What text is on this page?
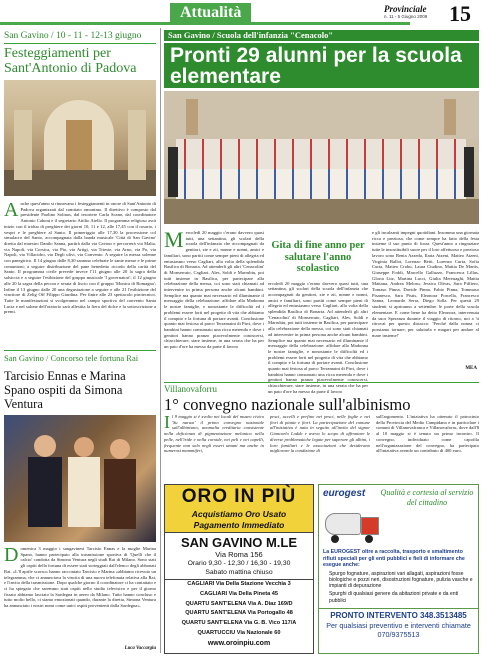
Attualità	Provinciale
n. 11 - 5 Giugno 2009 15
San Gavino / 10 - 11 - 12-13 giugno
Festeggiamenti per Sant'Antonio di Padova
A nche quest'anno si rinnovano i festeggiamenti in onore di Sant'Antonio di Padova organizzati dal comitato omonimo. Il direttivo è composto dal presidente Paolino Solinas, dal tesoriere Carla Scano, dal coordinatore Antonio Caboni e il segretario Attilio Aiello. Il programma religioso avrà inizio con il triduo di preghiere dei giorni 10, 11 e 12, alle 17,45 con il rosario, i vespri e le preghiere al Santo. Il pomeriggio alle 17,30 la processione col simulacro del Santo, accompagnata dalla banda musicale 'Città di San Gavino' diretta dal maestro Danilo Sanna, partirà dalla via Cavour e percorrerà via Malta, via Napoli, via Corsica, via Pio, via Artigi, via Trieste, via Arno, via Po, via Napoli, via Villacidro, via Degli ulivi, via Convento. A seguire la messa solenne con panegirico. Il 14 giugno dalle 8,30 saranno celebrate le sante messe e le prime comunioni; a seguire distribuzione del pane benedetto ricordo della carità del Santo. Il programma civile prevede invece l'11 giugno alle 20 la sagra della salsiccia e a seguire l'esibizione del gruppo musicale 'I governatori'; il 12 giugno alle 20 la sagra della pecora e serata di liscio con il gruppo 'Monica di Romagna'; Infine il 13 giugno dalle 20 una degustazione a seguire e alle 21 l'esibizione del vincitore di Zelig Off Filippo Giardina. Per finire alle 23 spettacolo pirotecnico. Tutte le manifestazioni si svolgeranno nel campo sportivo del convento Santa Lucia e nel salone dell'oratorio sarà allestita la fiera del dolce e la sottoscrizione a premi.
San Gavino / Concorso tele fortuna Rai
Tarcisio Ennas e Marina Spano ospiti da Simona Ventura
D omenica 3 maggio i sangavinesi Tarcisio Ennas e la moglie Marina Spano, hanno partecipato alla trasmissione sportiva di 'Quelli che il calcio' condotta da Simona Ventura negli studi Rai di Milano. Sono stati gli ospiti della fortuna di essere stati sorteggiati dall'elenco degli abbonati Rai. «L'8 aprile scorso» hanno raccontato Tarcisio e Marina «abbiamo ricevuto un telegramma, che ci annunciava la vincita di una nuova telefonata relativa alla Rai, e l'invito della trasmissione. Dopo qualche giorno il coordinatore ci ha contattato e ci ha spiegato che saremmo stati ospiti nello studio televisivo e per il giorno fissato abbiamo lasciato la Sardegna in aereo da Milano. Tutto hanno concluso e tutto molto bello, ci siamo emozionati quando, durante la diretta, Simona Ventura ha annunciato i nostri nomi come unici ospiti provenienti dalla Sardegna».
Luca Vaccargiu
San Gavino / Scuola dell'infanzia "Cenacolo"
Pronti 29 alunni per la scuola elementare
M ercoledì 20 maggio c'erano davvero quasi tutti, una settantina, gli scolari della scuola dell'infanzia che accompagnati da genitori, zie e zii, nonne e nonni, amici e familiari, sono partiti come sempre pieni di allegria ed entusiasmo verso Cagliari, alla volta della splendida Basilica di Bonaria. Ad attenderli gli altri 'Cenacolini' di Monserrato, Cagliari, Ales, Soldi e Marrubiu, poi tutti insieme in Basilica, per partecipare alla celebrazione della messa, coi sono stati chiamati ad intervenire in prima persona anche alcuni bambini. Semplice ma quanto mai necessario ed illuminante il messaggio della celebrazione: affidare alla Madonna le nostre famiglie, e nonostante le difficoltà ed i problemi essere forti nel progetto di vita che abbiamo il compito e la fortuna di portare avanti. Conclusione quanto mai festosa al parco Terramaini di Pirri, dove i bambini hanno consumato una ricca merenda e dove i genitori hanno pranzo piacevolmente conoscersi, chiacchierare, stare insieme, in una serata che ha per un paio d'ore ha messo da parte il lavoro
Gita di fine anno per salutare l'anno scolastico
ercoledì 20 maggio c'erano davvero quasi tutti, una settantina, gli scolari della scuola dell'infanzia che accompagnati da genitori, zie e zii, nonne e nonni, amici e familiari, sono partiti come sempre pieni di allegria ed entusiasmo verso Cagliari, alla volta della splendida Basilica di Bonaria. Ad attenderli gli altri 'Cenacolini' di Monserrato, Cagliari, Ales, Soldi e Marrubiu, poi tutti insieme in Basilica, per partecipare alla celebrazione della messa, coi sono stati chiamati ad intervenire in prima persona anche alcuni bambini. Semplice ma quanto mai necessario ed illuminante il messaggio della celebrazione: affidare alla Madonna le nostre famiglie, e nonostante le difficoltà ed i problemi essere forti nel progetto di vita che abbiamo il compito e la fortuna di portare avanti. Conclusione quanto mai festosa al parco Terramaini di Pirri, dove i bambini hanno consumato una ricca merenda e dove i genitori hanno pranzo piacevolmente conoscersi, chiacchierare, stare insieme, in una serata che ha per un paio d'ore ha messo da parte il lavoro
e gli incalzanti impegni quotidiani. Insomma una giornata ricca e preziosa, che come sempre ha fatto della festa insieme il suo punto di forza. Quest'anno a ringraziare tutte le insostituibili suore per il loro affettuoso e prezioso lavoro sono Benia Azzeda, Ilaria Atzeni, Matteo Atzeni, Virginia Balloi, Lorenzo Betti, Lorenzo Curta, Sofia Curta, Matteo Crobu, Laura Ciudina, Mattia De Martis, Giuseppe Foddi, Marcello Galluzzo, Francesca Lillus, Gloria Litz, Martina Lucci, Giulia Mereuaghi, Mattia Mattana, Andrea Melosu, Jessica Olivas, Sara Piffiero, Tomaso Pinna, Davide Pinna, Fabio Pinna, Tommaso Pisanesco, Sara Pistis, Eleonora Porcella, Francesco Sanna, Leonardo Serra, Diego Solla. Per questi 29 studenti si apriranno a settembre le porte della scuola elementare. E come bene ha detto Eleonora, intervenuta da suor Speranza durante il viaggio di ritorno, noi a 'ti ritrovai per questo distacco: 'Perché dalla nonna ci possiamo tornare, per salutarla e magari per andare al mare insieme!'
MEA
Villanovaforru
1° convegno nazionale sull'albinismo
I l 9 maggio si è svolto nei locali del museo civico 'Su nuraxi' il primo convegno nazionale sull'albinismo, anomalia ereditaria consistente nella deficienza di pigmentazione melanica nella pelle, nell'iride e nella coroide, nei peli e nei capelli, frequente non solo negli esseri umani ma anche in numerosi mammiferi,
pesci, uccelli e perfino nei pesci, nelle foglie e nei fiori di piante e fiori. La partecipazione del comune all'iniziativa è nata in seguito all'invito del signor Giancarlo Lodde e aveva lo scopo di affrontare le diverse problematiche legate per superare gli albini, i loro familiari e le associazioni che desiderano migliorare la condizione di
sull'argomento. L'iniziativa ha ottenuto il patrocinio della Provincia del Medio Campidano e in particolare i comuni di Villanovafranca e Villanovaforru, dove dall'8 al 10 maggio si è tenuto un primo incontro. Il convegno, individuato come capofila nell'organizzazione del convegno, ha partecipato all'iniziativa avendo un contributo di 400 euro.
ORO IN PIÙ
Acquistiamo Oro Usato
Pagamento Immediato
SAN GAVINO M.LE
Via Roma 156
Orario 9,30 - 12,30 / 16,30 - 19,30
Sabato mattina chiuso
CAGLIARI Via Della Stazione Vecchia 3
CAGLIARI Via Della Pineta 45
QUARTU SANT'ELENA Via A. Diaz 169/D
QUARTU SANT'ELENA Via Portogallo 48
QUARTU SANT'ELENA Via G. B. Vico 117/A
QUARTUCCIU Via Nazionale 60
www.oroinpiu.com
eurogest	Qualità e cortesia al servizio del cittadino
La EUROGEST oltre a raccolta, trasporto e smaltimento rifiuti speciali per gli enti pubblici e fieli di informare che esegue anche:
Spurgo fognature, aspirazioni vari allagati, aspirazioni fosse biologiche e pozzi neri, disostruzioni fognature, pulizia vasche e impianti di depurazione
Spurghi di qualsiasi genere da abitazioni private e da enti pubblici
PRONTO INTERVENTO 348.3513485
Per qualsiasi preventivo e interventi chiamate 070/9375513
